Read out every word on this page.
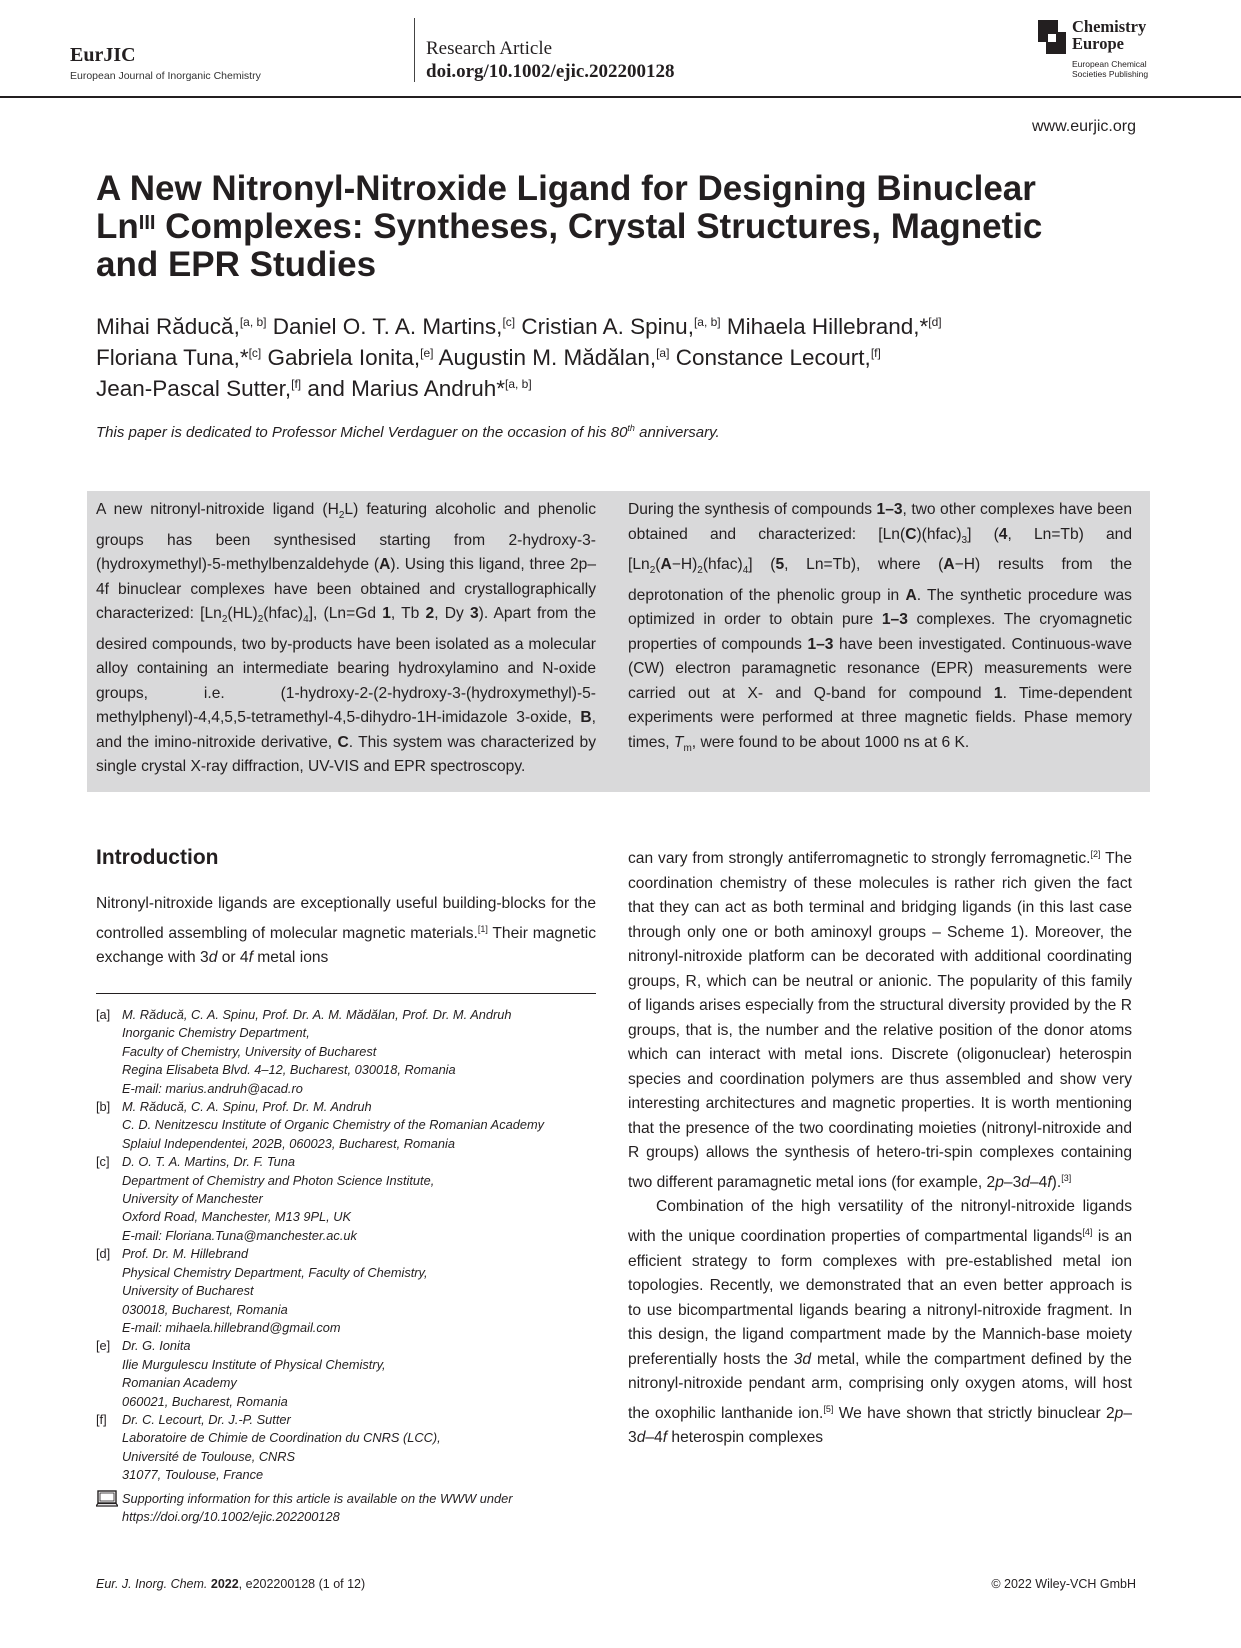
EurJIC
European Journal of Inorganic Chemistry
Research Article
doi.org/10.1002/ejic.202200128
Chemistry
Europe
European Chemical
Societies Publishing
www.eurjic.org
A New Nitronyl-Nitroxide Ligand for Designing Binuclear $Ln^{III}$ Complexes: Syntheses, Crystal Structures, Magnetic and EPR Studies
Mihai Răducă,[a, b] Daniel O. T. A. Martins,[c] Cristian A. Spinu,[a, b] Mihaela Hillebrand,*[d]
Floriana Tuna,*[c] Gabriela Ionita,[e] Augustin M. Mădălan,[a] Constance Lecourt,[f]
Jean-Pascal Sutter,[f] and Marius Andruh*[a, b]
This paper is dedicated to Professor Michel Verdaguer on the occasion of his 80th anniversary.
A new nitronyl-nitroxide ligand $(H_2L)$ featuring alcoholic and phenolic groups has been synthesised starting from 2-hydroxy-3-(hydroxymethyl)-5-methylbenzaldehyde (A). Using this ligand, three 2p–4f binuclear complexes have been obtained and crystallographically characterized: $[Ln_2(HL)_2(hfac)_4]$, (Ln=Gd 1, Tb 2, Dy 3). Apart from the desired compounds, two by-products have been isolated as a molecular alloy containing an intermediate bearing hydroxylamino and N-oxide groups, i.e. (1-hydroxy-2-(2-hydroxy-3-(hydroxymethyl)-5-methylphenyl)-4,4,5,5-tetramethyl-4,5-dihydro-1H-imidazole 3-oxide, B, and the imino-nitroxide derivative, C. This system was characterized by single crystal X-ray diffraction, UV-VIS and EPR spectroscopy.
During the synthesis of compounds 1–3, two other complexes have been obtained and characterized: $[Ln(C)(hfac)_3]$ (4, Ln=Tb) and $[Ln_2(A-H)_2(hfac)_4]$ (5, Ln=Tb), where (A−H) results from the deprotonation of the phenolic group in A. The synthetic procedure was optimized in order to obtain pure 1–3 complexes. The cryomagnetic properties of compounds 1–3 have been investigated. Continuous-wave (CW) electron paramagnetic resonance (EPR) measurements were carried out at X- and Q-band for compound 1. Time-dependent experiments were performed at three magnetic fields. Phase memory times, $T_m$, were found to be about 1000 ns at 6 K.
Introduction
Nitronyl-nitroxide ligands are exceptionally useful building-blocks for the controlled assembling of molecular magnetic materials.[1] Their magnetic exchange with 3d or 4f metal ions
[a] M. Răducă, C. A. Spinu, Prof. Dr. A. M. Mădălan, Prof. Dr. M. Andruh
Inorganic Chemistry Department,
Faculty of Chemistry, University of Bucharest
Regina Elisabeta Blvd. 4–12, Bucharest, 030018, Romania
E-mail: marius.andruh@acad.ro
[b] M. Răducă, C. A. Spinu, Prof. Dr. M. Andruh
C. D. Nenitzescu Institute of Organic Chemistry of the Romanian Academy
Splaiul Independentei, 202B, 060023, Bucharest, Romania
[c] D. O. T. A. Martins, Dr. F. Tuna
Department of Chemistry and Photon Science Institute,
University of Manchester
Oxford Road, Manchester, M13 9PL, UK
E-mail: Floriana.Tuna@manchester.ac.uk
[d] Prof. Dr. M. Hillebrand
Physical Chemistry Department, Faculty of Chemistry,
University of Bucharest
030018, Bucharest, Romania
E-mail: mihaela.hillebrand@gmail.com
[e] Dr. G. Ionita
Ilie Murgulescu Institute of Physical Chemistry,
Romanian Academy
060021, Bucharest, Romania
[f]	Dr. C. Lecourt, Dr. J.-P. Sutter
Laboratoire de Chimie de Coordination du CNRS (LCC),
Université de Toulouse, CNRS
31077, Toulouse, France
Supporting information for this article is available on the WWW under https://doi.org/10.1002/ejic.202200128

can vary from strongly antiferromagnetic to strongly ferromagnetic.[2] The coordination chemistry of these molecules is rather rich given the fact that they can act as both terminal and bridging ligands (in this last case through only one or both aminoxyl groups – Scheme 1). Moreover, the nitronyl-nitroxide platform can be decorated with additional coordinating groups, R, which can be neutral or anionic. The popularity of this family of ligands arises especially from the structural diversity provided by the R groups, that is, the number and the relative position of the donor atoms which can interact with metal ions. Discrete (oligonuclear) heterospin species and coordination polymers are thus assembled and show very interesting architectures and magnetic properties. It is worth mentioning that the presence of the two coordinating moieties (nitronyl-nitroxide and R groups) allows the synthesis of hetero-tri-spin complexes containing two different paramagnetic metal ions (for example, 2p–3d–4f).[3]

Combination of the high versatility of the nitronyl-nitroxide ligands with the unique coordination properties of compartmental ligands[4] is an efficient strategy to form complexes with pre-established metal ion topologies. Recently, we demonstrated that an even better approach is to use bicompartmental ligands bearing a nitronyl-nitroxide fragment. In this design, the ligand compartment made by the Mannich-base moiety preferentially hosts the 3d metal, while the compartment defined by the nitronyl-nitroxide pendant arm, comprising only oxygen atoms, will host the oxophilic lanthanide ion.[5] We have shown that strictly binuclear 2p–3d–4f heterospin complexes

Eur. J. Inorg. Chem. 2022, e202200128 (1 of 12)	© 2022 Wiley-VCH GmbH
